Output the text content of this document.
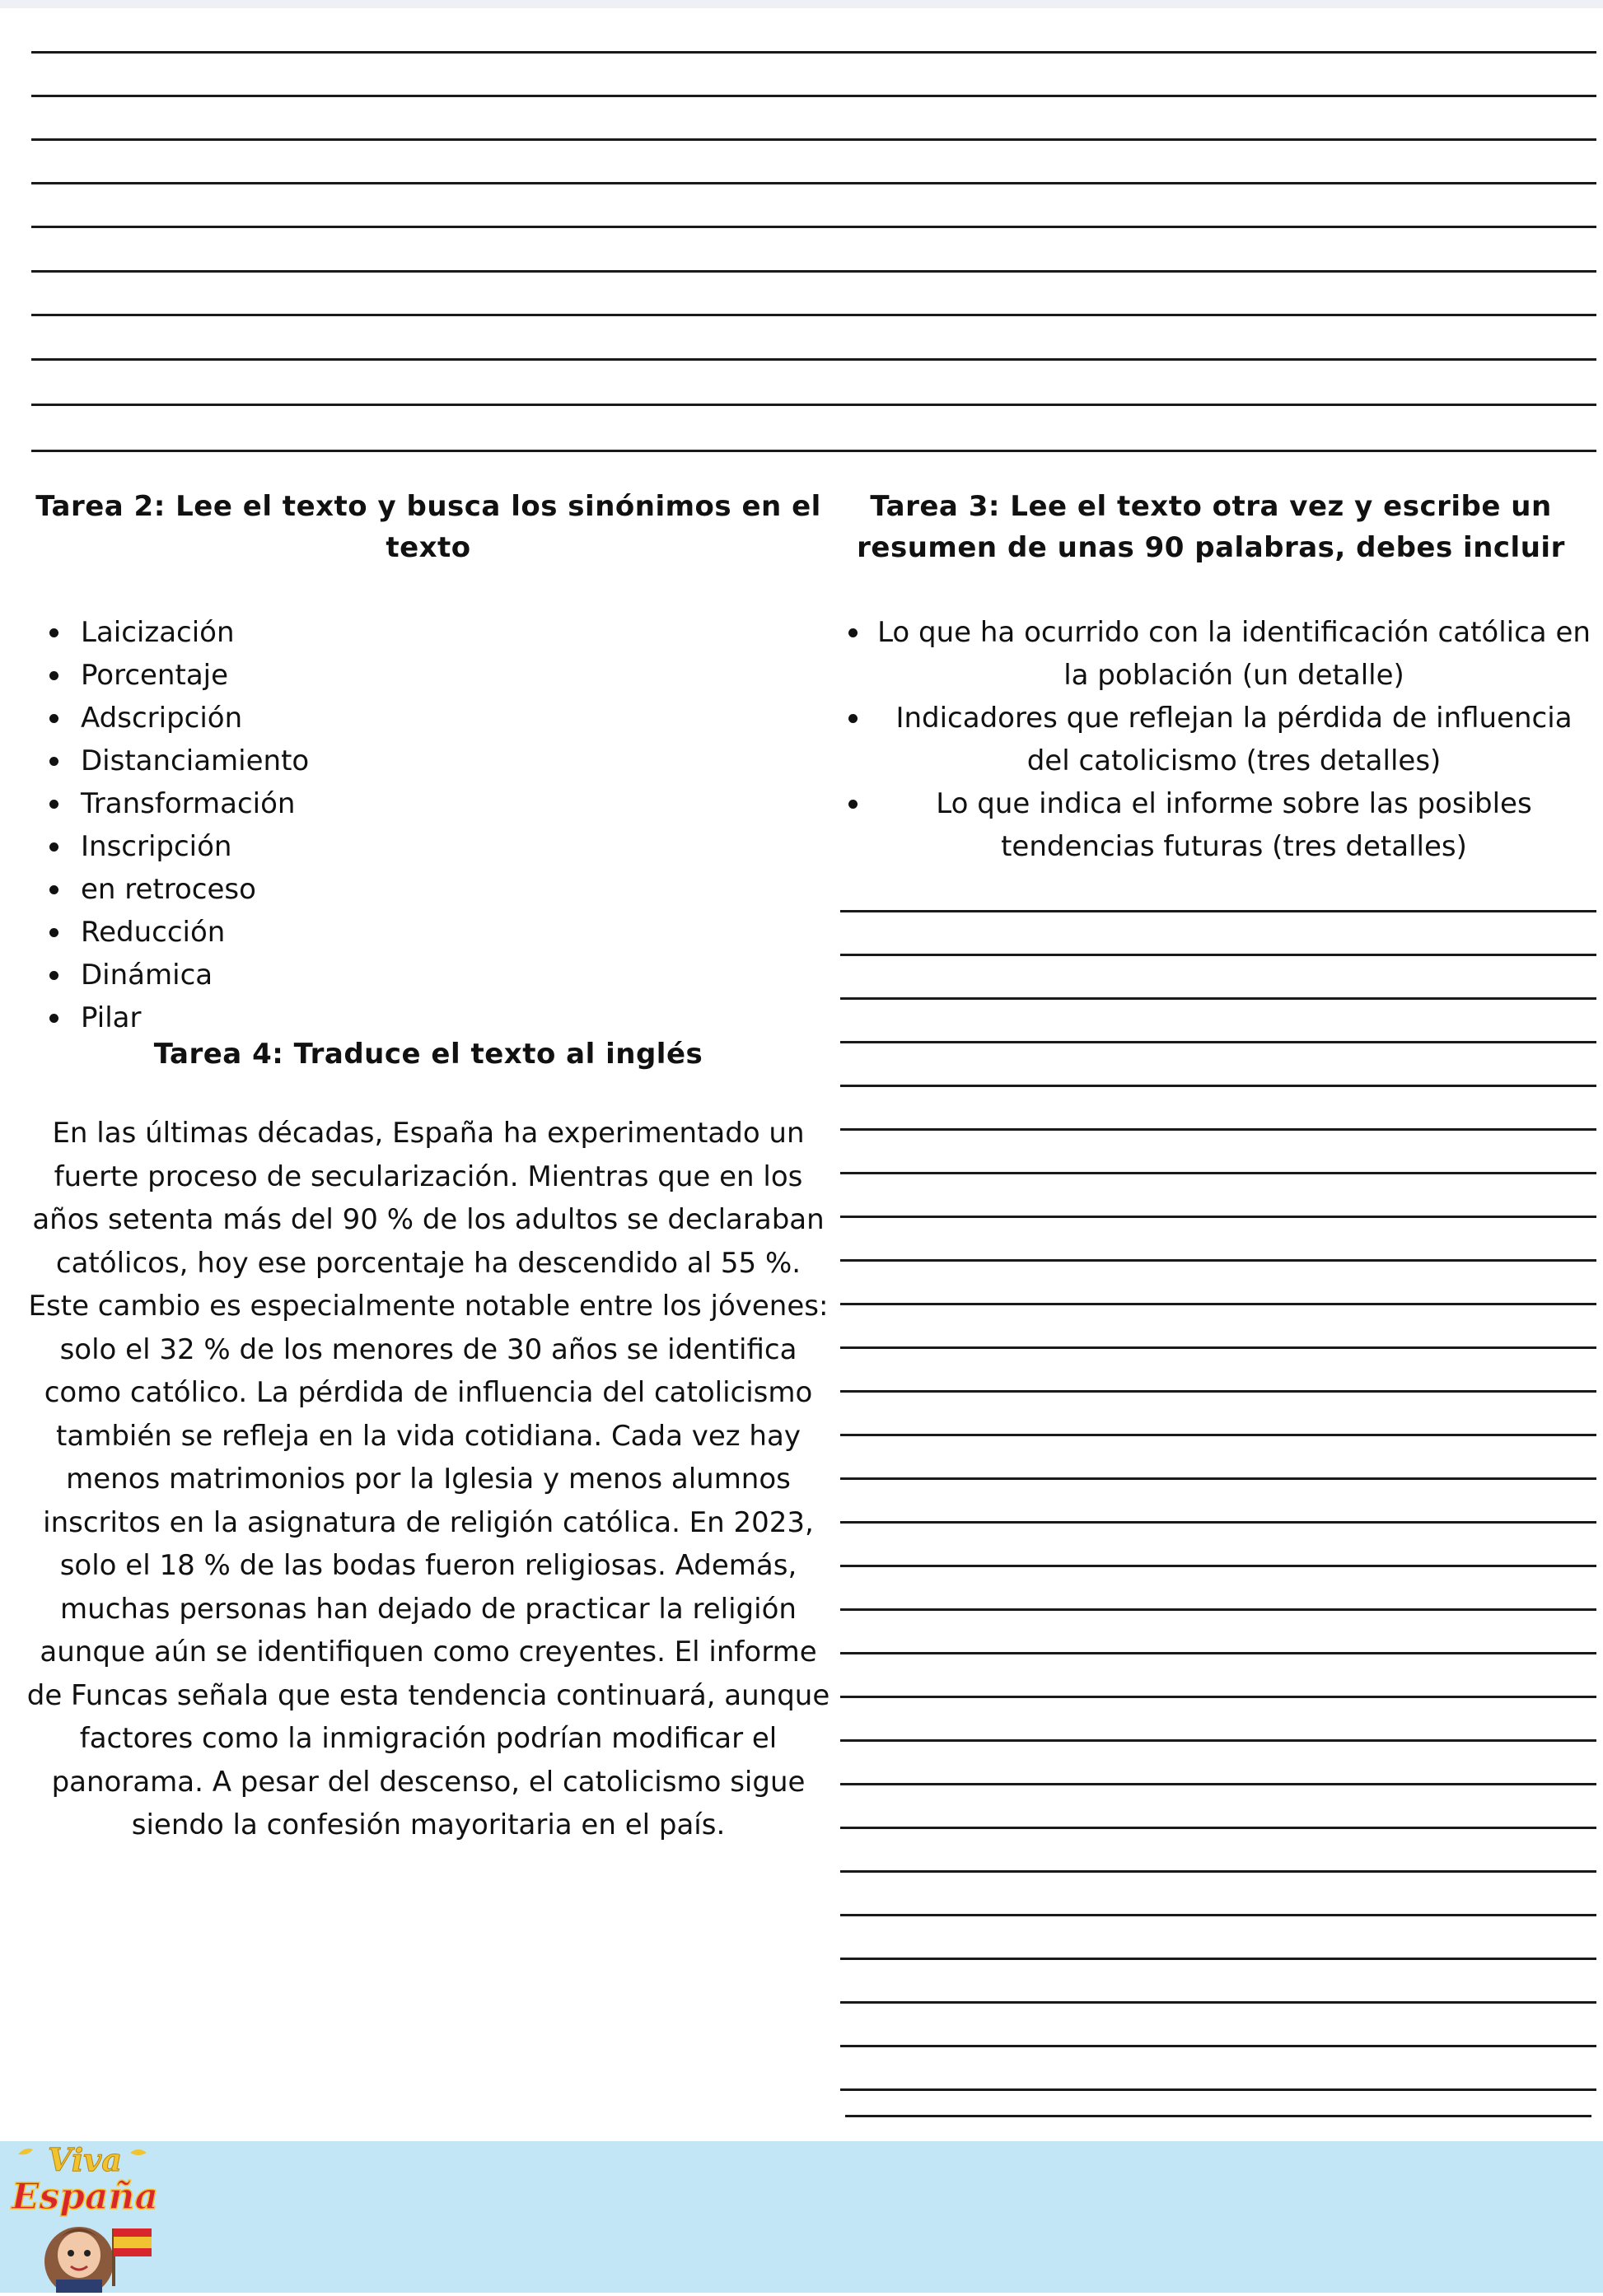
Tarea 2: Lee el texto y busca los sinónimos en el texto
Laicización
Porcentaje
Adscripción
Distanciamiento
Transformación
Inscripción
en retroceso
Reducción
Dinámica
Pilar
Tarea 3: Lee el texto otra vez y escribe un resumen de unas 90 palabras, debes incluir
Lo que ha ocurrido con la identificación católica en la población (un detalle)
Indicadores que reflejan la pérdida de influencia del catolicismo (tres detalles)
Lo que indica el informe sobre las posibles tendencias futuras (tres detalles)
Tarea 4: Traduce el texto al inglés

En las últimas décadas, España ha experimentado un fuerte proceso de secularización. Mientras que en los años setenta más del 90 % de los adultos se declaraban católicos, hoy ese porcentaje ha descendido al 55 %. Este cambio es especialmente notable entre los jóvenes: solo el 32 % de los menores de 30 años se identifica como católico. La pérdida de influencia del catolicismo también se refleja en la vida cotidiana. Cada vez hay menos matrimonios por la Iglesia y menos alumnos inscritos en la asignatura de religión católica. En 2023, solo el 18 % de las bodas fueron religiosas. Además, muchas personas han dejado de practicar la religión aunque aún se identifiquen como creyentes. El informe de Funcas señala que esta tendencia continuará, aunque factores como la inmigración podrían modificar el panorama. A pesar del descenso, el catolicismo sigue siendo la confesión mayoritaria en el país.

Viva
España
